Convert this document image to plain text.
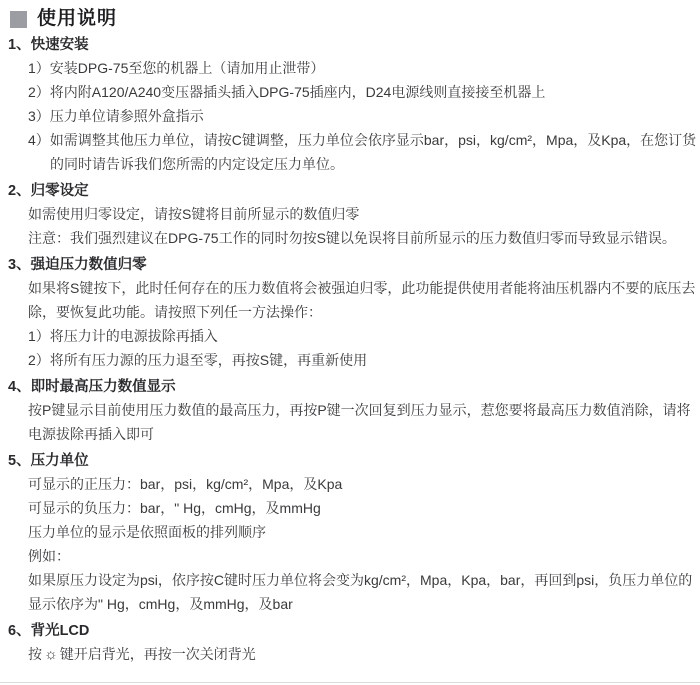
使用说明
1、快速安装
1）安装DPG-75至您的机器上（请加用止泄带）
2）将内附A120/A240变压器插头插入DPG-75插座内，D24电源线则直接接至机器上
3）压力单位请参照外盒指示
4）如需调整其他压力单位，请按C键调整，压力单位会依序显示bar，psi，kg/cm²，Mpa，及Kpa，在您订货的同时请告诉我们您所需的内定设定压力单位。
2、归零设定
如需使用归零设定，请按S键将目前所显示的数值归零
注意：我们强烈建议在DPG-75工作的同时勿按S键以免误将目前所显示的压力数值归零而导致显示错误。
3、强迫压力数值归零
如果将S键按下，此时任何存在的压力数值将会被强迫归零，此功能提供使用者能将油压机器内不要的底压去除，要恢复此功能。请按照下列任一方法操作：
1）将压力计的电源拔除再插入
2）将所有压力源的压力退至零，再按S键，再重新使用
4、即时最高压力数值显示
按P键显示目前使用压力数值的最高压力，再按P键一次回复到压力显示，惹您要将最高压力数值消除，请将电源拔除再插入即可
5、压力单位
可显示的正压力：bar，psi，kg/cm²，Mpa，及Kpa
可显示的负压力：bar，" Hg，cmHg，及mmHg
压力单位的显示是依照面板的排列顺序
例如：
如果原压力设定为psi，依序按C键时压力单位将会变为kg/cm²，Mpa，Kpa，bar，再回到psi，负压力单位的显示依序为" Hg，cmHg，及mmHg，及bar
6、背光LCD
按 ☼ 键开启背光，再按一次关闭背光
